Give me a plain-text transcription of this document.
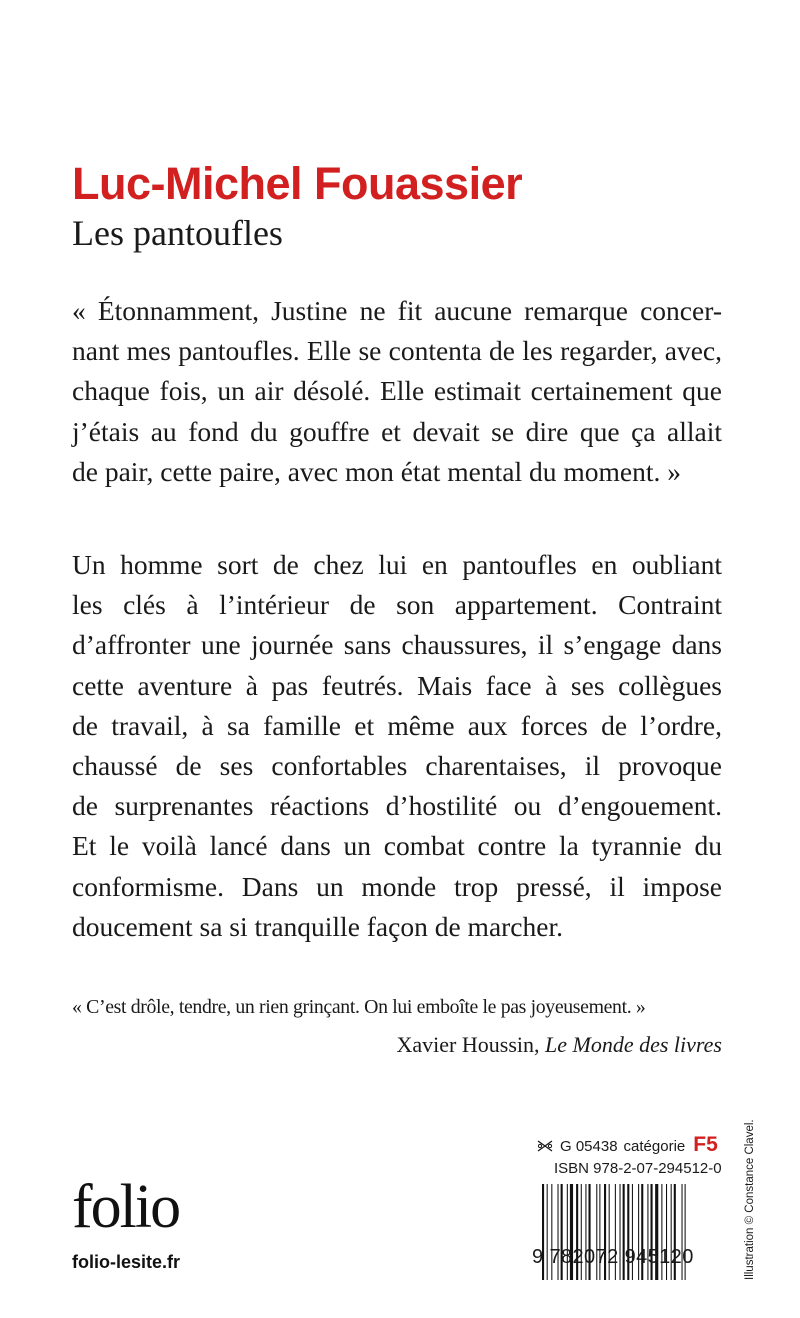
Luc-Michel Fouassier
Les pantoufles
« Étonnamment, Justine ne fit aucune remarque concer-
nant mes pantoufles. Elle se contenta de les regarder, avec,
chaque fois, un air désolé. Elle estimait certainement que
j’étais au fond du gouffre et devait se dire que ça allait
de pair, cette paire, avec mon état mental du moment. »
Un homme sort de chez lui en pantoufles en oubliant
les clés à l’intérieur de son appartement. Contraint
d’affronter une journée sans chaussures, il s’engage dans
cette aventure à pas feutrés. Mais face à ses collègues
de travail, à sa famille et même aux forces de l’ordre,
chaussé de ses confortables charentaises, il provoque
de surprenantes réactions d’hostilité ou d’engouement.
Et le voilà lancé dans un combat contre la tyrannie du
conformisme. Dans un monde trop pressé, il impose
doucement sa si tranquille façon de marcher.
« C’est drôle, tendre, un rien grinçant. On lui emboîte le pas joyeusement. »
Xavier Houssin, Le Monde des livres
Illustration © Constance Clavel.
G 05438 catégorie F5
ISBN 978-2-07-294512-0
folio
folio-lesite.fr	9 782072 945120
